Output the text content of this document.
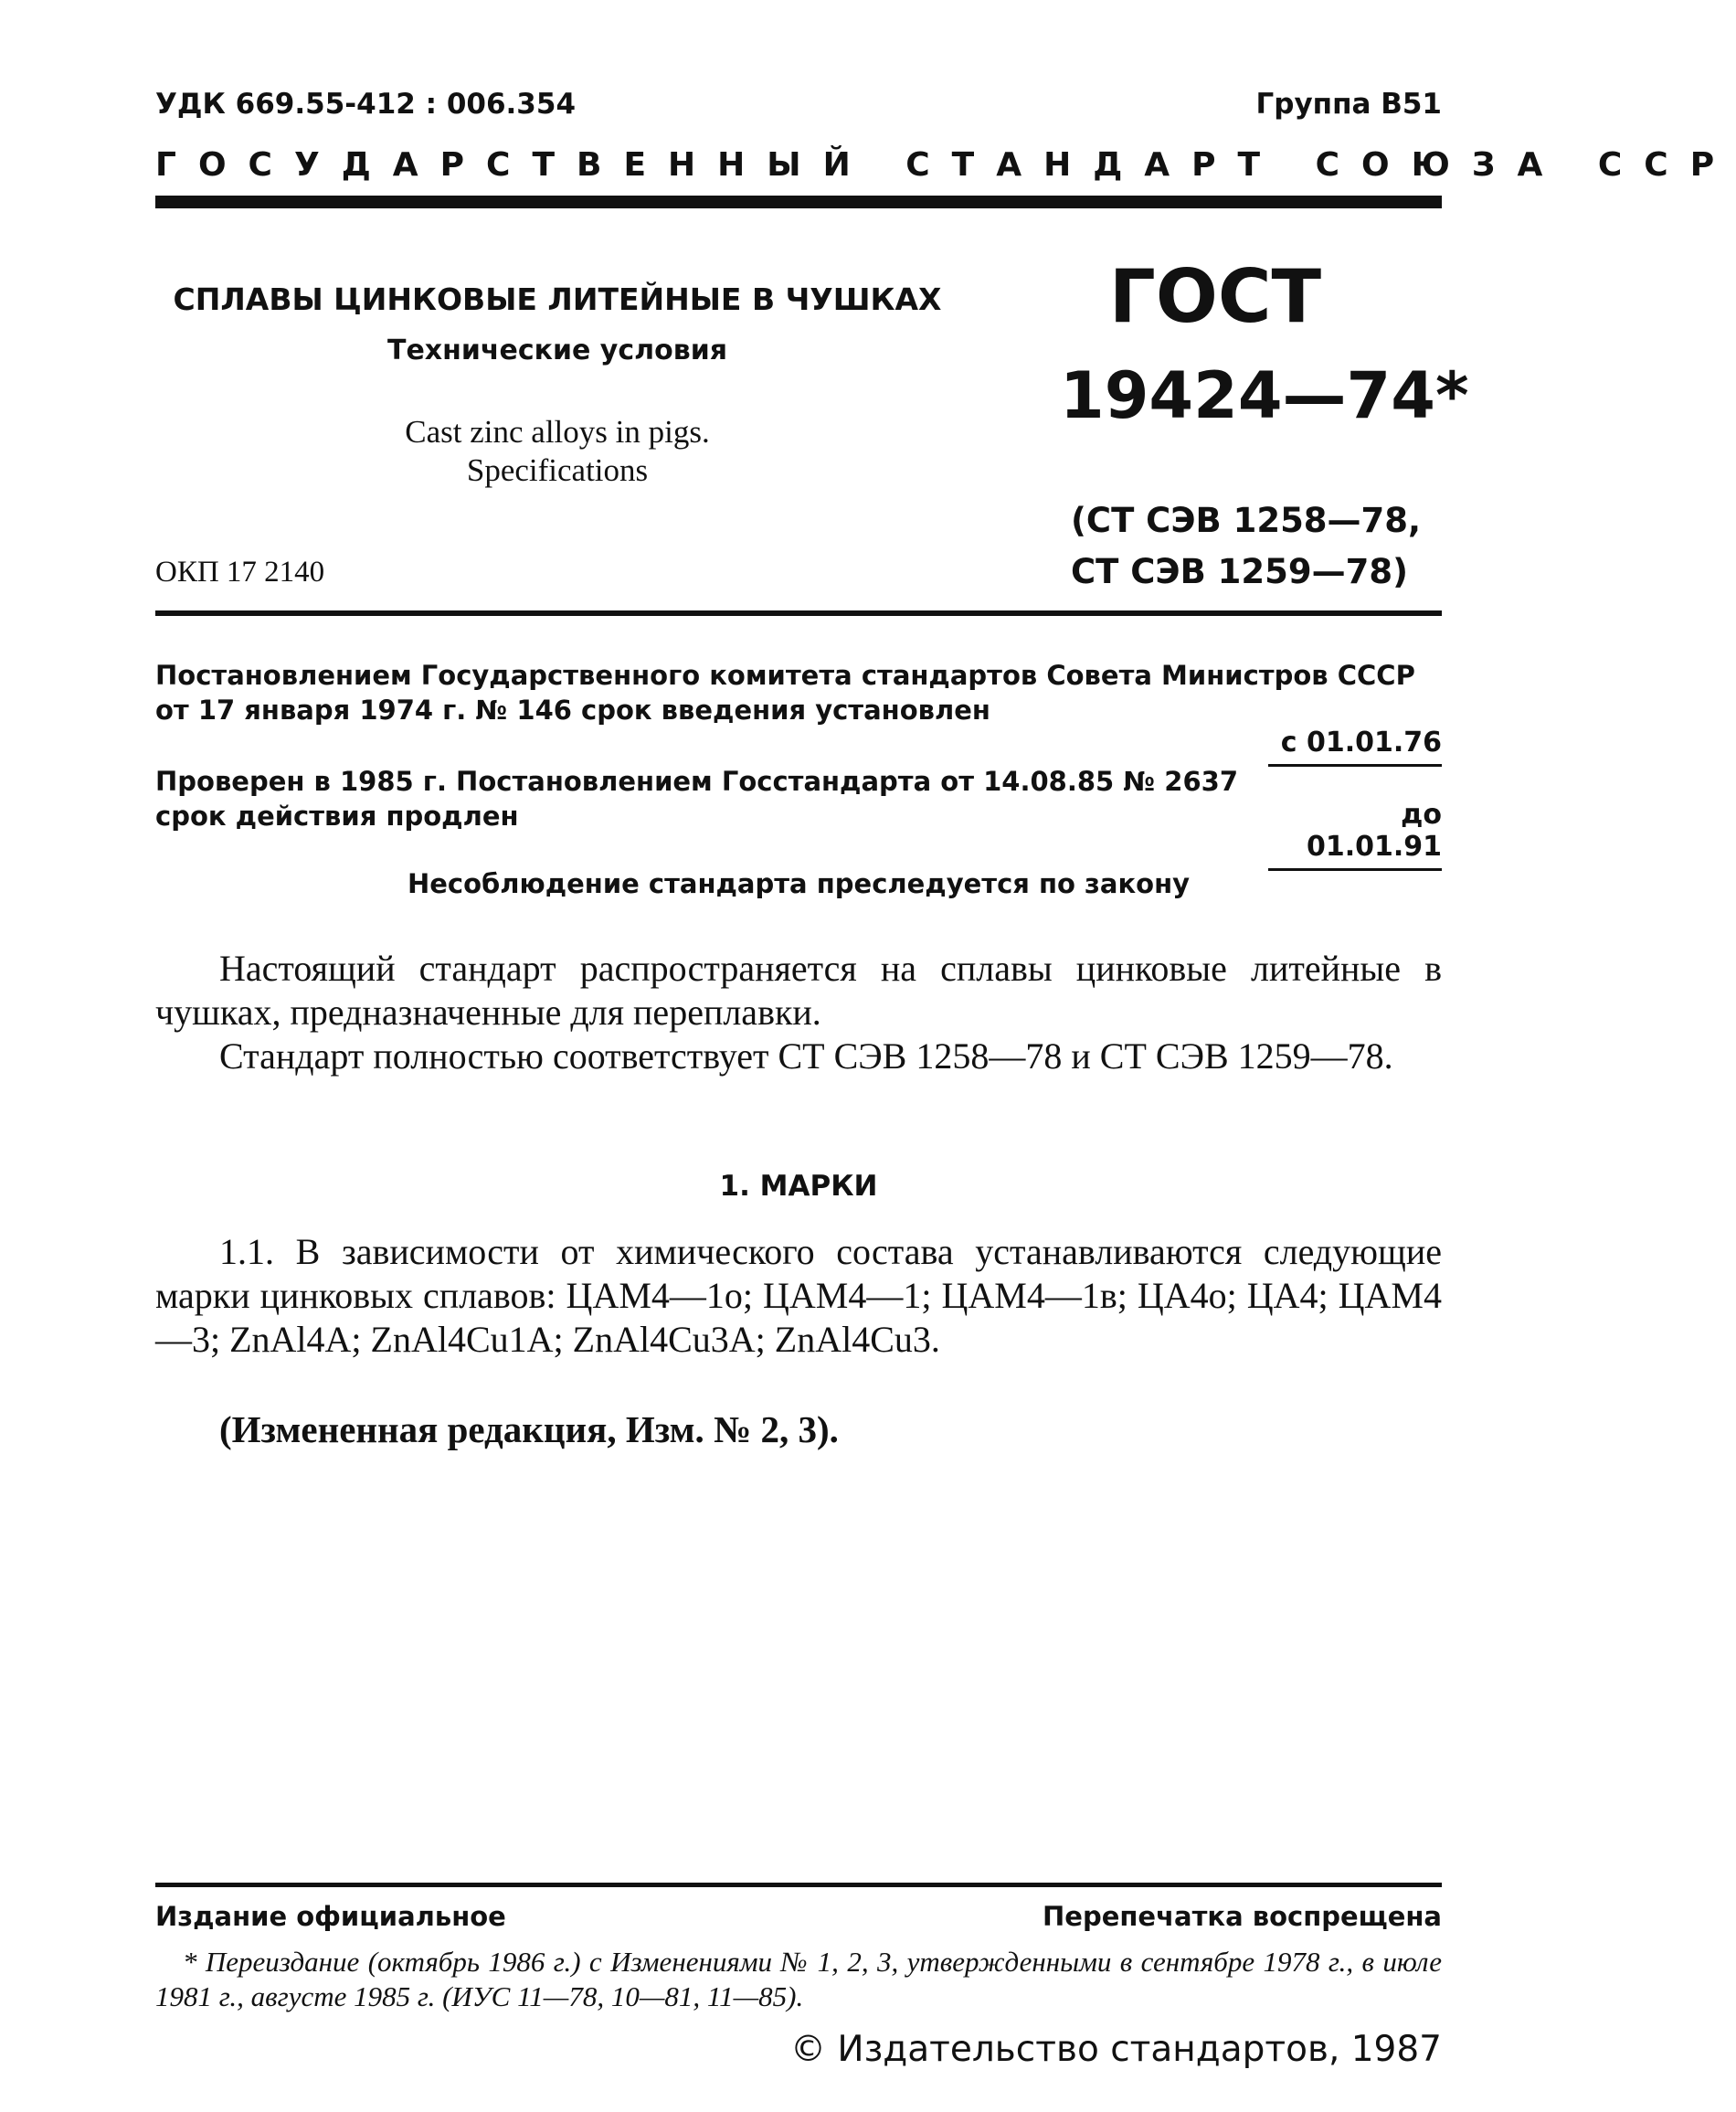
УДК 669.55-412 : 006.354	Группа В51
ГОСУДАРСТВЕННЫЙ СТАНДАРТ СОЮЗА ССР
СПЛАВЫ ЦИНКОВЫЕ ЛИТЕЙНЫЕ В ЧУШКАХ
Технические условия
Cast zinc alloys in pigs.
Specifications
ОКП 17 2140
ГОСТ
19424—74*
(СТ СЭВ 1258—78,
СТ СЭВ 1259—78)
Постановлением Государственного комитета стандартов Совета Министров СССР
от 17 января 1974 г. № 146 срок введения установлен
с 01.01.76
Проверен в 1985 г. Постановлением Госстандарта от 14.08.85 № 2637
срок действия продлен	до 01.01.91
Несоблюдение стандарта преследуется по закону
Настоящий стандарт распространяется на сплавы цинковые литейные в чушках, предназначенные для переплавки.
Стандарт полностью соответствует СТ СЭВ 1258—78 и СТ СЭВ 1259—78.
1. МАРКИ
1.1. В зависимости от химического состава устанавливаются следующие марки цинковых сплавов: ЦАМ4—1о; ЦАМ4—1; ЦАМ4—1в; ЦА4о; ЦА4; ЦАМ4—3; ZnAl4A; ZnAl4Cu1A; ZnAl4Cu3A; ZnAl4Cu3.
(Измененная редакция, Изм. № 2, 3).
Издание официальное	Перепечатка воспрещена
* Переиздание (октябрь 1986 г.) с Изменениями № 1, 2, 3, утвержденными в сентябре 1978 г., в июле 1981 г., августе 1985 г. (ИУС 11—78, 10—81, 11—85).
© Издательство стандартов, 1987
